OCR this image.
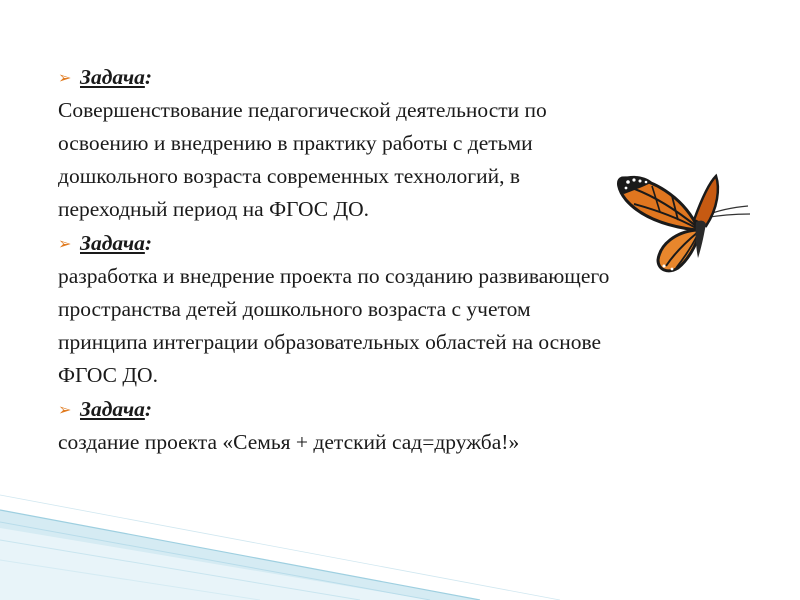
➢ Задача :

Совершенствование педагогической деятельности по
освоению и внедрению в практику работы с детьми
дошкольного возраста современных технологий, в
переходный период на ФГОС ДО.

➢ Задача :

разработка и внедрение проекта по созданию развивающего
пространства детей дошкольного возраста с учетом
принципа интеграции образовательных областей на основе
ФГОС ДО.

➢ Задача :

создание проекта «Семья + детский сад=дружба!»
